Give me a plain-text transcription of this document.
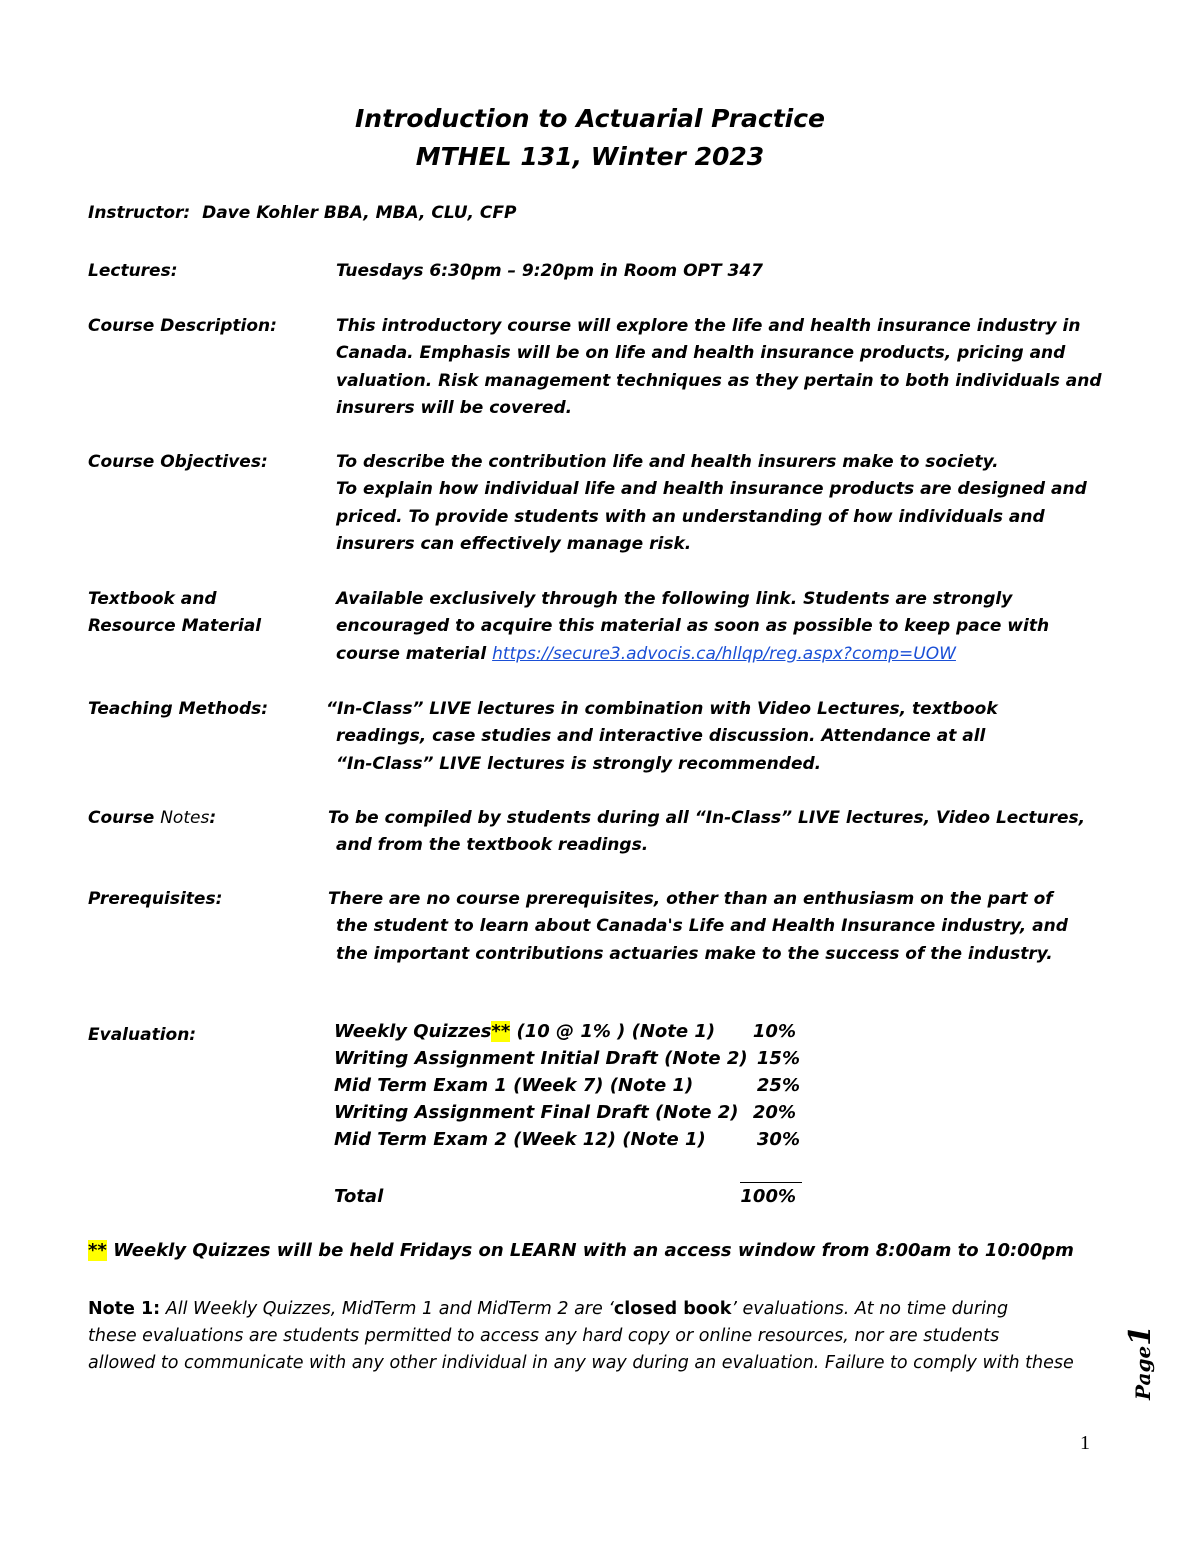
Introduction to Actuarial Practice
MTHEL 131, Winter 2023
Instructor: Dave Kohler BBA, MBA, CLU, CFP
Lectures:	Tuesdays 6:30pm – 9:20pm in Room OPT 347
Course Description:	This introductory course will explore the life and health insurance industry in
Canada. Emphasis will be on life and health insurance products, pricing and
valuation. Risk management techniques as they pertain to both individuals and
insurers will be covered.
Course Objectives:	To describe the contribution life and health insurers make to society.
To explain how individual life and health insurance products are designed and
priced. To provide students with an understanding of how individuals and
insurers can effectively manage risk.
Textbook and
Resource Material
Available exclusively through the following link. Students are strongly
encouraged to acquire this material as soon as possible to keep pace with
course material https://secure3.advocis.ca/hllqp/reg.aspx?comp=UOW
Teaching Methods:	“In-Class” LIVE lectures in combination with Video Lectures, textbook
readings, case studies and interactive discussion. Attendance at all
“In-Class” LIVE lectures is strongly recommended.
Course Notes:	To be compiled by students during all “In-Class” LIVE lectures, Video Lectures,
and from the textbook readings.
Prerequisites:	There are no course prerequisites, other than an enthusiasm on the part of
the student to learn about Canada's Life and Health Insurance industry, and
the important contributions actuaries make to the success of the industry.
Evaluation:	Weekly Quizzes** (10 @ 1% ) (Note 1)	10%
Writing Assignment Initial Draft (Note 2) 15%
Mid Term Exam 1 (Week 7) (Note 1)	25%
Writing Assignment Final Draft (Note 2) 20%
Mid Term Exam 2 (Week 12) (Note 1)	30%
Total	100%
** Weekly Quizzes will be held Fridays on LEARN with an access window from 8:00am to 10:00pm
Note 1: All Weekly Quizzes, MidTerm 1 and MidTerm 2 are ‘closed book’ evaluations. At no time during
these evaluations are students permitted to access any hard copy or online resources, nor are students
allowed to communicate with any other individual in any way during an evaluation. Failure to comply with these	Page1
1
